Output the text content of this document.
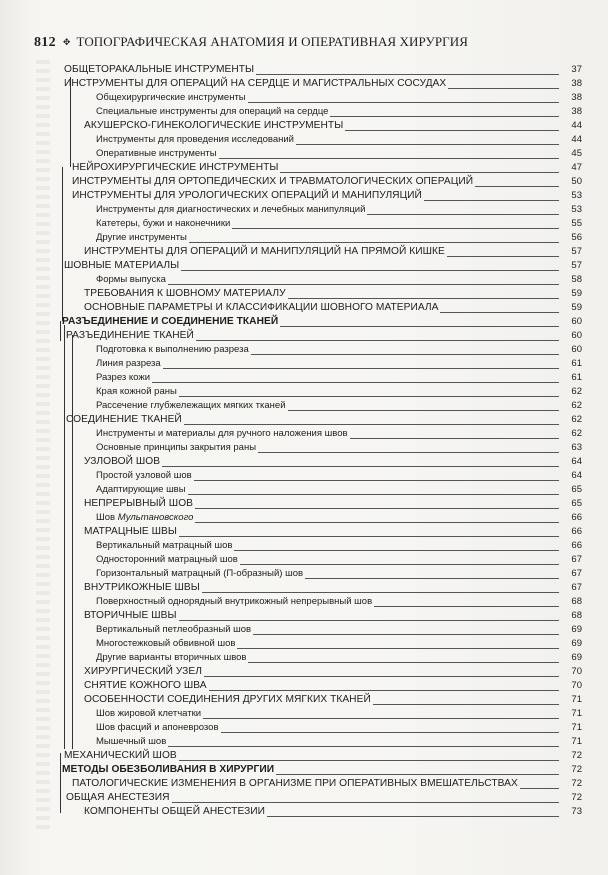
812 ✥ ТОПОГРАФИЧЕСКАЯ АНАТОМИЯ И ОПЕРАТИВНАЯ ХИРУРГИЯ
ОБЩЕТОРАКАЛЬНЫЕ ИНСТРУМЕНТЫ	37
ИНСТРУМЕНТЫ ДЛЯ ОПЕРАЦИЙ НА СЕРДЦЕ И МАГИСТРАЛЬНЫХ СОСУДАХ	38
Общехирургические инструменты	38
Специальные инструменты для операций на сердце	38
АКУШЕРСКО-ГИНЕКОЛОГИЧЕСКИЕ ИНСТРУМЕНТЫ	44
Инструменты для проведения исследований	44
Оперативные инструменты	45
НЕЙРОХИРУРГИЧЕСКИЕ ИНСТРУМЕНТЫ	47
ИНСТРУМЕНТЫ ДЛЯ ОРТОПЕДИЧЕСКИХ И ТРАВМАТОЛОГИЧЕСКИХ ОПЕРАЦИЙ	50
ИНСТРУМЕНТЫ ДЛЯ УРОЛОГИЧЕСКИХ ОПЕРАЦИЙ И МАНИПУЛЯЦИЙ	53
Инструменты для диагностических и лечебных манипуляций	53
Катетеры, бужи и наконечники	55
Другие инструменты	56
ИНСТРУМЕНТЫ ДЛЯ ОПЕРАЦИЙ И МАНИПУЛЯЦИЙ НА ПРЯМОЙ КИШКЕ	57
ШОВНЫЕ МАТЕРИАЛЫ	57
Формы выпуска	58
ТРЕБОВАНИЯ К ШОВНОМУ МАТЕРИАЛУ	59
ОСНОВНЫЕ ПАРАМЕТРЫ И КЛАССИФИКАЦИИ ШОВНОГО МАТЕРИАЛА	59
РАЗЪЕДИНЕНИЕ И СОЕДИНЕНИЕ ТКАНЕЙ	60
РАЗЪЕДИНЕНИЕ ТКАНЕЙ	60
Подготовка к выполнению разреза	60
Линия разреза	61
Разрез кожи	61
Края кожной раны	62
Рассечение глубжележащих мягких тканей	62
СОЕДИНЕНИЕ ТКАНЕЙ	62
Инструменты и материалы для ручного наложения швов	62
Основные принципы закрытия раны	63
УЗЛОВОЙ ШОВ	64
Простой узловой шов	64
Адаптирующие швы	65
НЕПРЕРЫВНЫЙ ШОВ	65
Шов Мультановского	66
МАТРАЦНЫЕ ШВЫ	66
Вертикальный матрацный шов	66
Односторонний матрацный шов	67
Горизонтальный матрацный (П-образный) шов	67
ВНУТРИКОЖНЫЕ ШВЫ	67
Поверхностный однорядный внутрикожный непрерывный шов	68
ВТОРИЧНЫЕ ШВЫ	68
Вертикальный петлеобразный шов	69
Многостежковый обвивной шов	69
Другие варианты вторичных швов	69
ХИРУРГИЧЕСКИЙ УЗЕЛ	70
СНЯТИЕ КОЖНОГО ШВА	70
ОСОБЕННОСТИ СОЕДИНЕНИЯ ДРУГИХ МЯГКИХ ТКАНЕЙ	71
Шов жировой клетчатки	71
Шов фасций и апоневрозов	71
Мышечный шов	71
МЕХАНИЧЕСКИЙ ШОВ	72
МЕТОДЫ ОБЕЗБОЛИВАНИЯ В ХИРУРГИИ	72
ПАТОЛОГИЧЕСКИЕ ИЗМЕНЕНИЯ В ОРГАНИЗМЕ ПРИ ОПЕРАТИВНЫХ ВМЕШАТЕЛЬСТВАХ	72
ОБЩАЯ АНЕСТЕЗИЯ	72
КОМПОНЕНТЫ ОБЩЕЙ АНЕСТЕЗИИ	73
